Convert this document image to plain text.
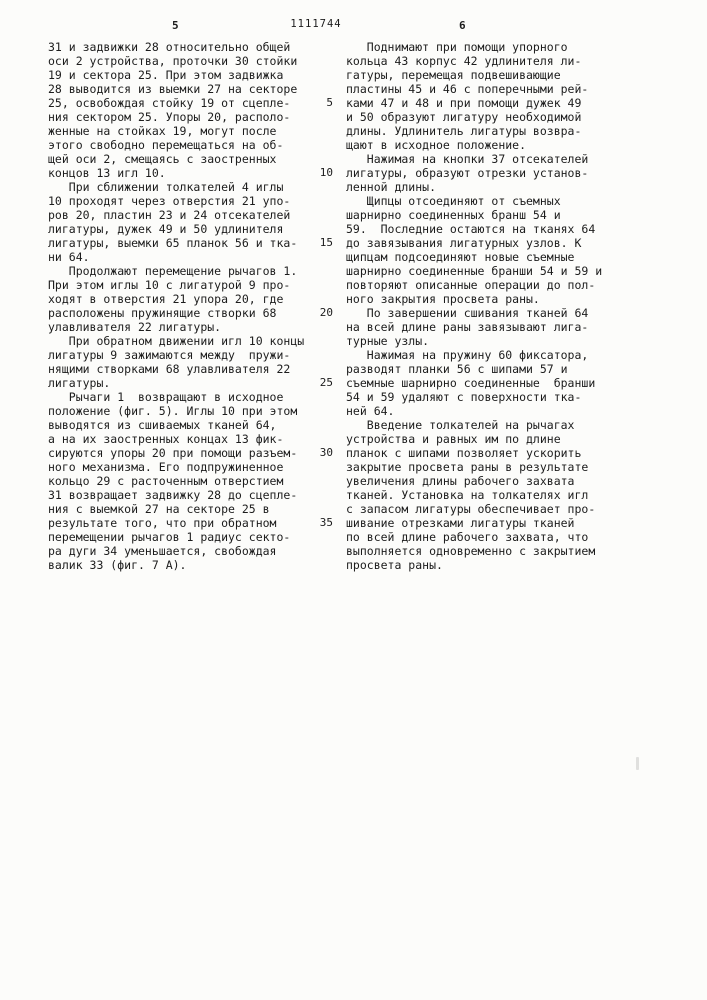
5	1111744	6
31 и задвижки 28 относительно общей
оси 2 устройства, проточки 30 стойки
19 и сектора 25. При этом задвижка
28 выводится из выемки 27 на секторе
25, освобождая стойку 19 от сцепле-
ния сектором 25. Упоры 20, располо-
женные на стойках 19, могут после
этого свободно перемещаться на об-
щей оси 2, смещаясь с заостренных
концов 13 игл 10.
При сближении толкателей 4 иглы
10 проходят через отверстия 21 упо-
ров 20, пластин 23 и 24 отсекателей
лигатуры, дужек 49 и 50 удлинителя
лигатуры, выемки 65 планок 56 и тка-
ни 64.
Продолжают перемещение рычагов 1.
При этом иглы 10 с лигатурой 9 про-
ходят в отверстия 21 упора 20, где
расположены пружинящие створки 68
улавливателя 22 лигатуры.
При обратном движении игл 10 концы
лигатуры 9 зажимаются между  пружи-
нящими створками 68 улавливателя 22
лигатуры.
Рычаги 1  возвращают в исходное
положение (фиг. 5). Иглы 10 при этом
выводятся из сшиваемых тканей 64,
а на их заостренных концах 13 фик-
сируются упоры 20 при помощи разъем-
ного механизма. Его подпружиненное
кольцо 29 с расточенным отверстием
31 возвращает задвижку 28 до сцепле-
ния с выемкой 27 на секторе 25 в
результате того, что при обратном
перемещении рычагов 1 радиус секто-
ра дуги 34 уменьшается, свобождая
валик 33 (фиг. 7 А).
5
10
15
20
25
30
35
Поднимают при помощи упорного
кольца 43 корпус 42 удлинителя ли-
гатуры, перемещая подвешивающие
пластины 45 и 46 с поперечными рей-
ками 47 и 48 и при помощи дужек 49
и 50 образуют лигатуру необходимой
длины. Удлинитель лигатуры возвра-
щают в исходное положение.
Нажимая на кнопки 37 отсекателей
лигатуры, образуют отрезки установ-
ленной длины.
Щипцы отсоединяют от съемных
шарнирно соединенных бранш 54 и
59.  Последние остаются на тканях 64
до завязывания лигатурных узлов. К
щипцам подсоединяют новые съемные
шарнирно соединенные бранши 54 и 59 и
повторяют описанные операции до пол-
ного закрытия просвета раны.
По завершении сшивания тканей 64
на всей длине раны завязывают лига-
турные узлы.
Нажимая на пружину 60 фиксатора,
разводят планки 56 с шипами 57 и
съемные шарнирно соединенные  бранши
54 и 59 удаляют с поверхности тка-
ней 64.
Введение толкателей на рычагах
устройства и равных им по длине
планок с шипами позволяет ускорить
закрытие просвета раны в результате
увеличения длины рабочего захвата
тканей. Установка на толкателях игл
с запасом лигатуры обеспечивает про-
шивание отрезками лигатуры тканей
по всей длине рабочего захвата, что
выполняется одновременно с закрытием
просвета раны.
